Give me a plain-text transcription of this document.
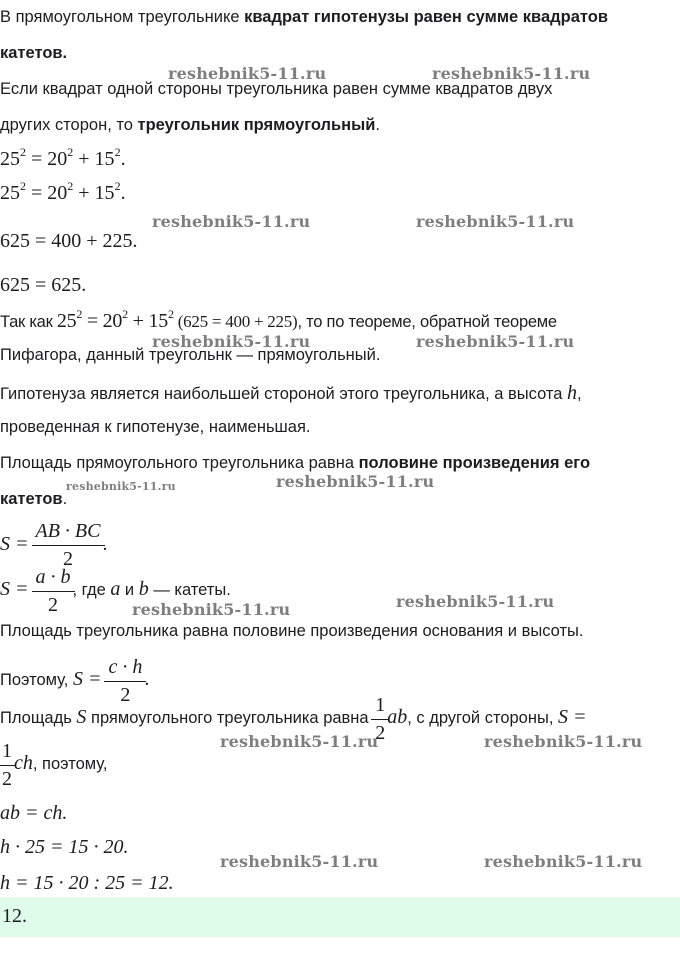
В прямоугольном треугольнике квадрат гипотенузы равен сумме квадратов
катетов.
Если квадрат одной стороны треугольника равен сумме квадратов двух
других сторон, то треугольник прямоугольный.
$25^2 = 20^2 + 15^2$.
$25^2 = 20^2 + 15^2$.
625 = 400 + 225.
625 = 625.
Так как $25^2 = 20^2 + 15^2$ (625 = 400 + 225), то по теореме, обратной теореме
Пифагора, данный треугольнк — прямоугольный.
Гипотенуза является наибольшей стороной этого треугольника, а высота h,
проведенная к гипотенузе, наименьшая.
Площадь прямоугольного треугольника равна половине произведения его
катетов.
$S = \frac{AB \cdot BC}{2}$ .
$S = \frac{a \cdot b}{2}$ , где a и b — катеты.
Площадь треугольника равна половине произведения основания и высоты.
Поэтому, $S = \frac{c \cdot h}{2}$ .
Площадь S прямоугольного треугольника равна $\frac{1}{2}$ ab, с другой стороны, S =
$\frac{1}{2}$ ch, поэтому,
ab = ch.
h · 25 = 15 · 20.
h = 15 · 20 : 25 = 12.
12.
reshebnik5-11.ru	reshebnik5-11.ru
reshebnik5-11.ru	reshebnik5-11.ru
reshebnik5-11.ru	reshebnik5-11.ru
reshebnik5-11.ru	reshebnik5-11.ru
reshebnik5-11.ru	reshebnik5-11.ru
reshebnik5-11.ru	reshebnik5-11.ru
reshebnik5-11.ru	reshebnik5-11.ru
